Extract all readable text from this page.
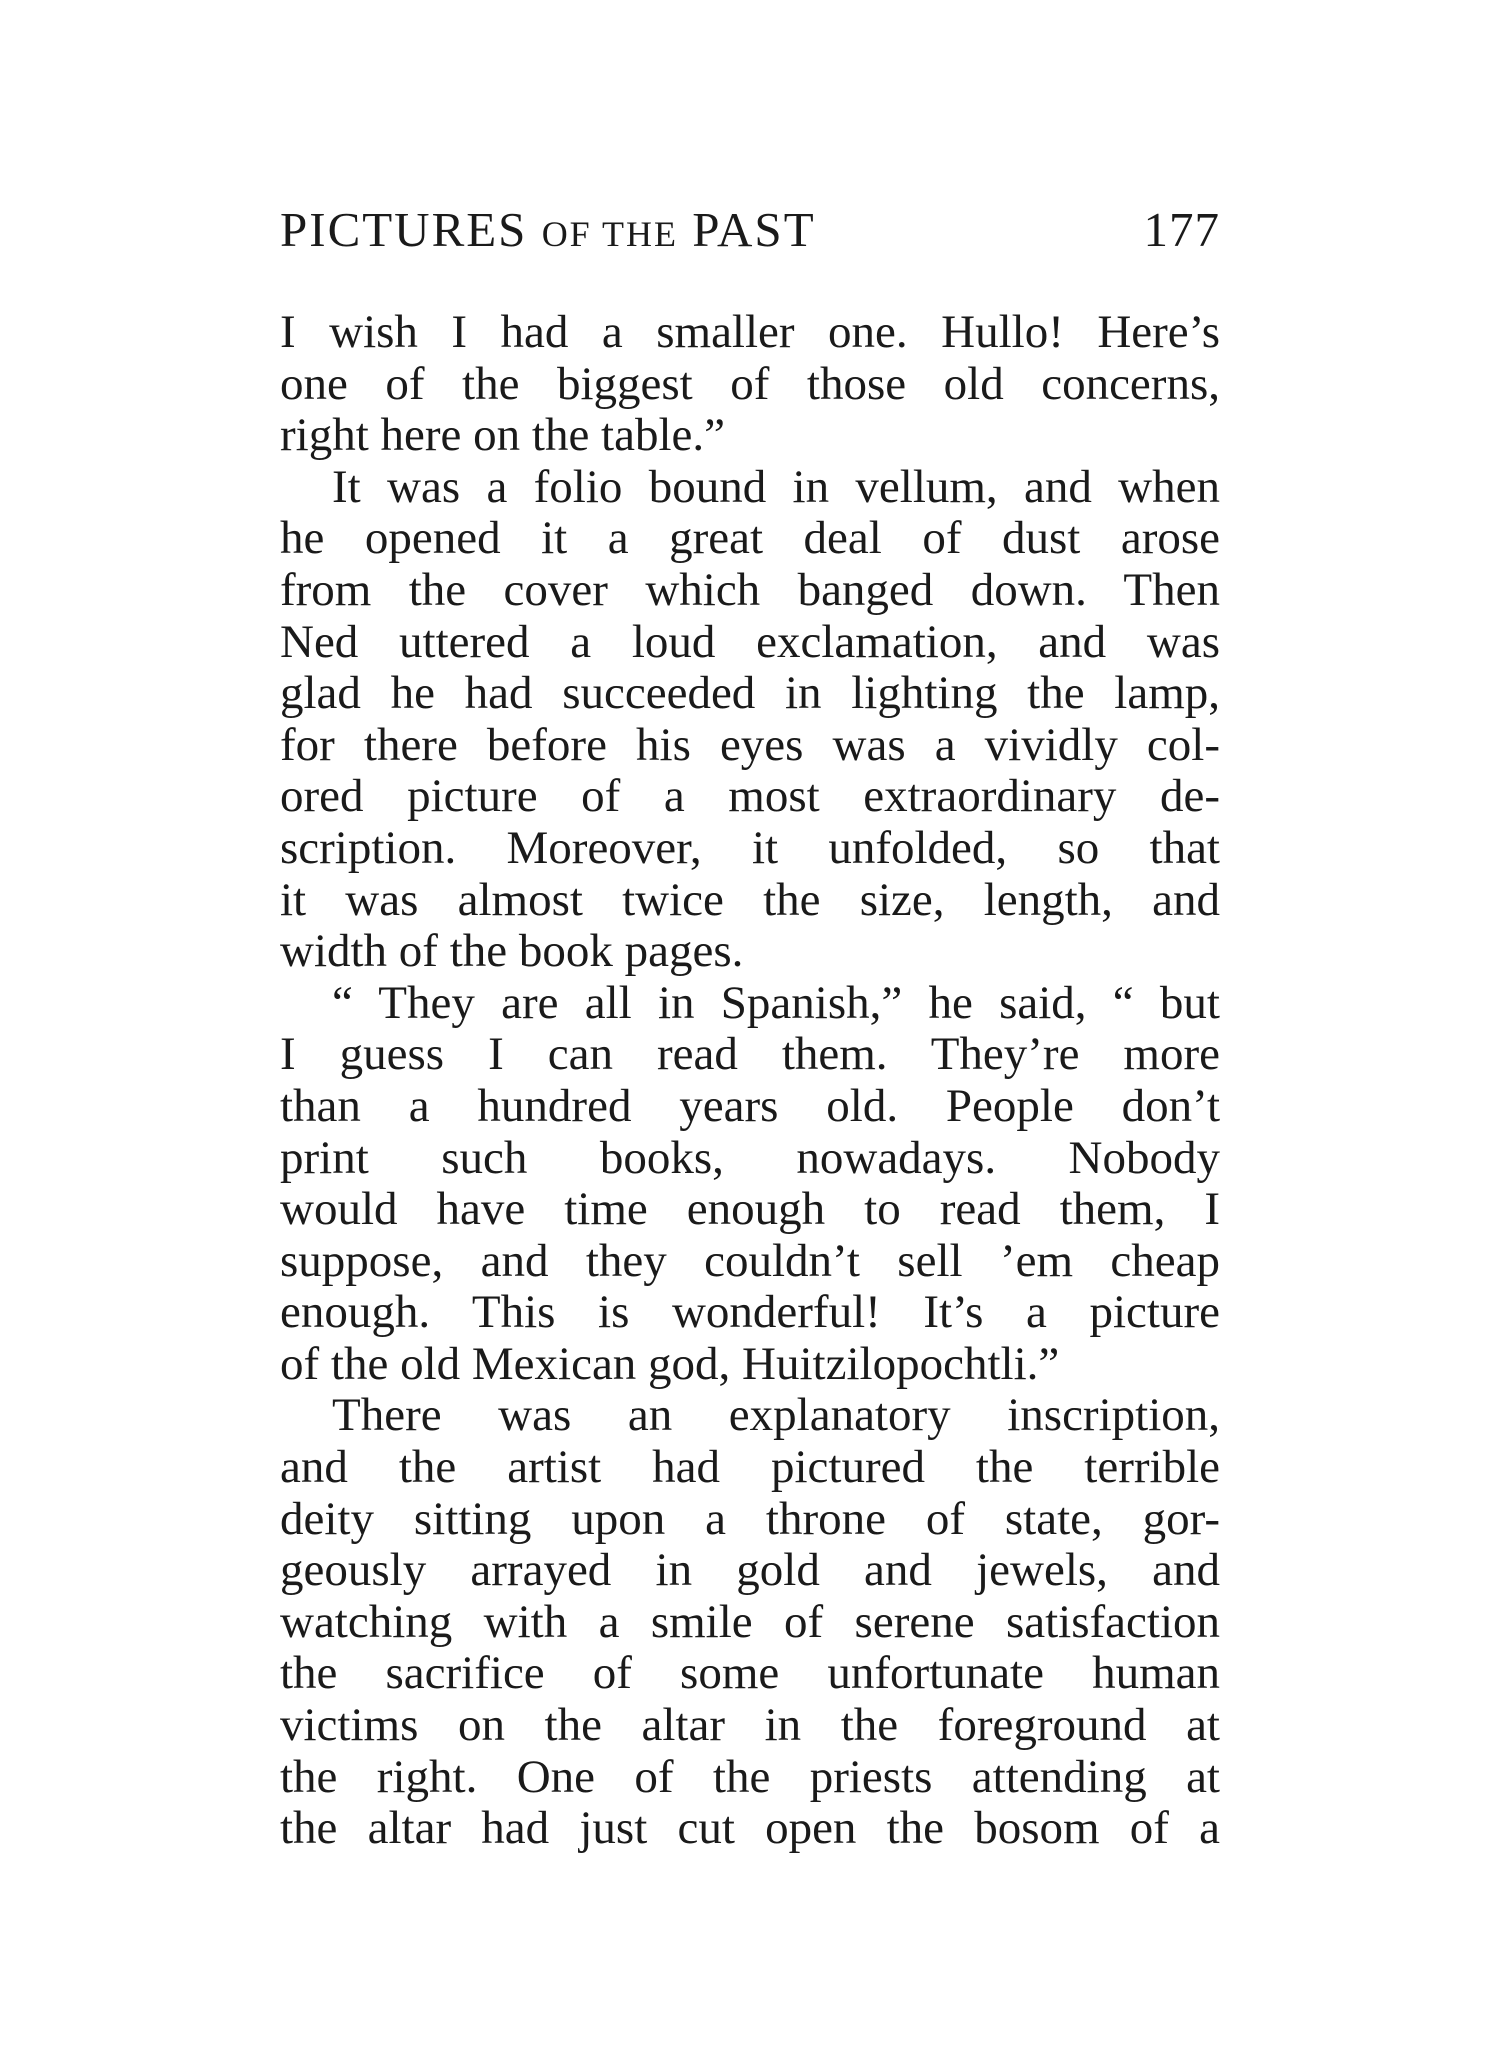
PICTURES OF THE PAST	177
I wish I had a smaller one. Hullo! Here’s
one of the biggest of those old concerns,
right here on the table.”
It was a folio bound in vellum, and when
he opened it a great deal of dust arose
from the cover which banged down. Then
Ned uttered a loud exclamation, and was
glad he had succeeded in lighting the lamp,
for there before his eyes was a vividly col-
ored picture of a most extraordinary de-
scription. Moreover, it unfolded, so that
it was almost twice the size, length, and
width of the book pages.
“ They are all in Spanish,” he said, “ but
I guess I can read them. They’re more
than a hundred years old. People don’t
print such books, nowadays. Nobody
would have time enough to read them, I
suppose, and they couldn’t sell ’em cheap
enough. This is wonderful! It’s a picture
of the old Mexican god, Huitzilopochtli.”
There was an explanatory inscription,
and the artist had pictured the terrible
deity sitting upon a throne of state, gor-
geously arrayed in gold and jewels, and
watching with a smile of serene satisfaction
the sacrifice of some unfortunate human
victims on the altar in the foreground at
the right. One of the priests attending at
the altar had just cut open the bosom of a
